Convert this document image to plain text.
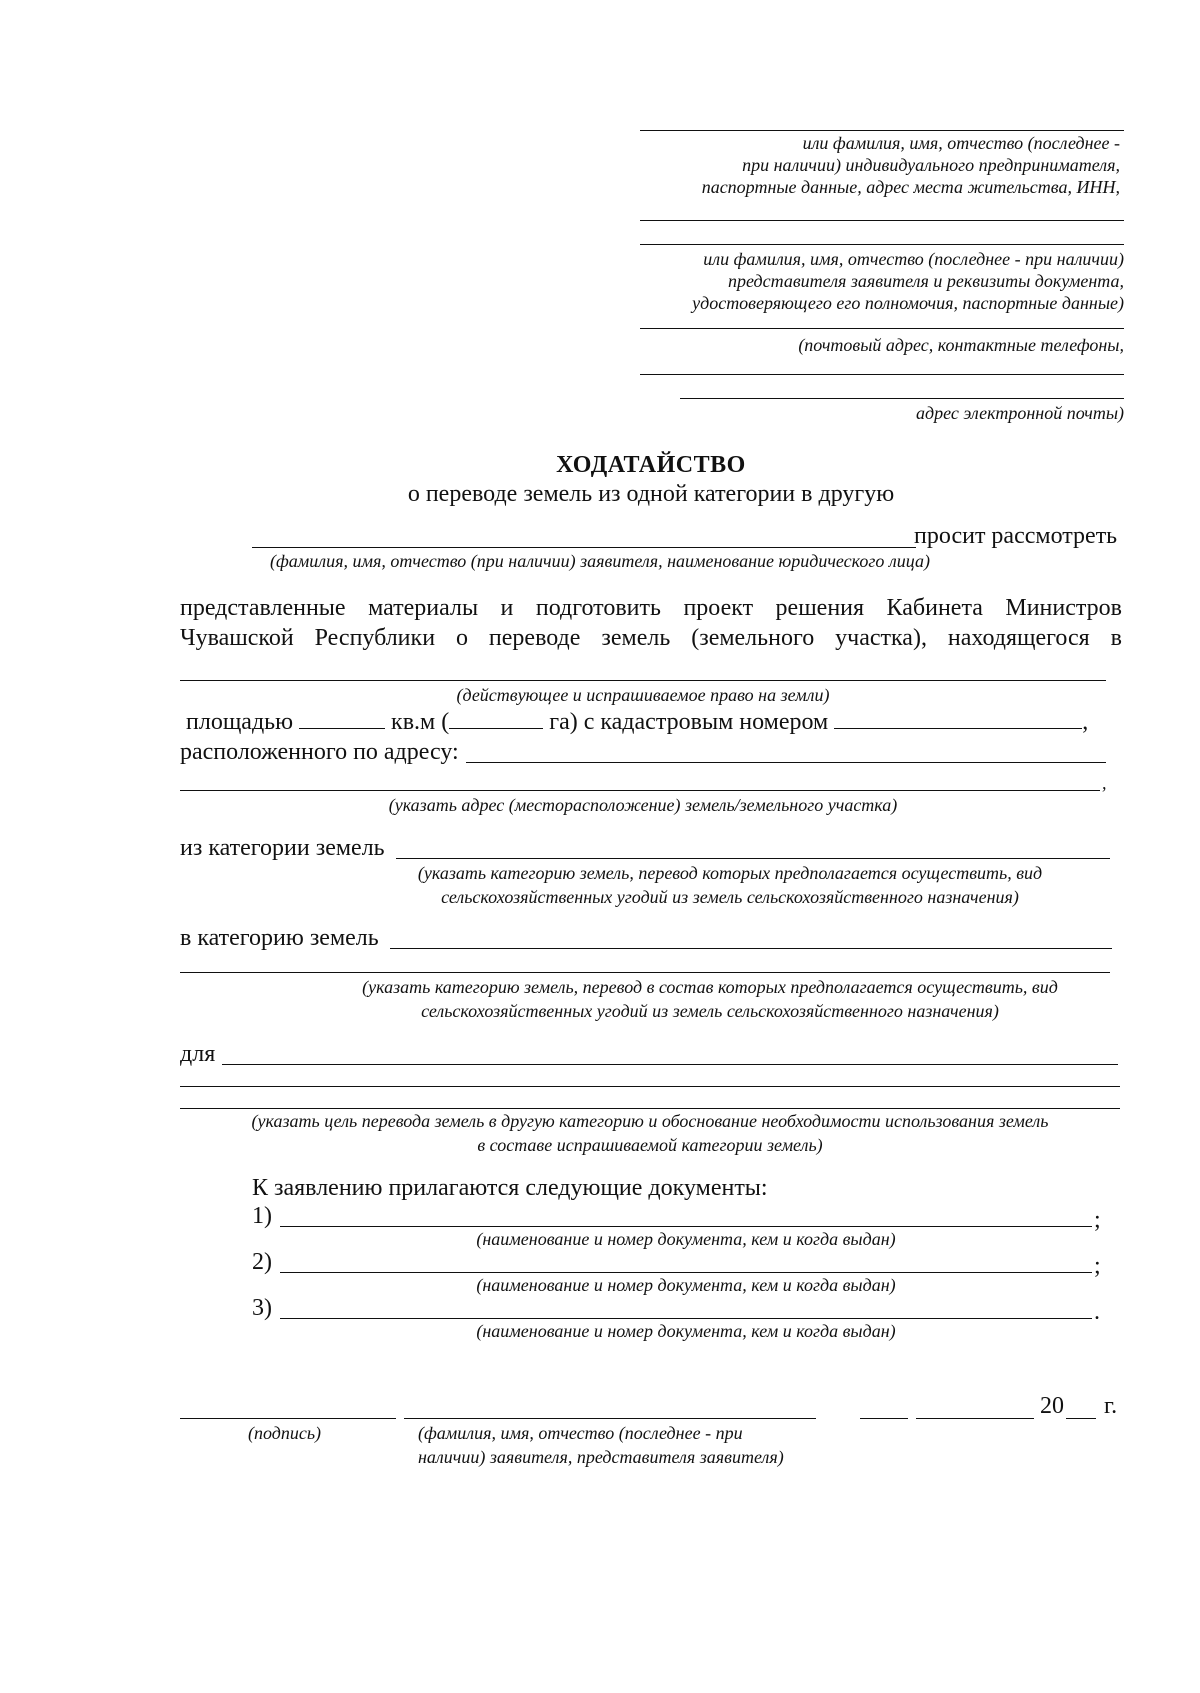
или фамилия, имя, отчество (последнее -
при наличии) индивидуального предпринимателя,
паспортные данные, адрес места жительства, ИНН,
или фамилия, имя, отчество (последнее - при наличии)
представителя заявителя и реквизиты документа,
удостоверяющего его полномочия, паспортные данные)
(почтовый адрес, контактные телефоны,
адрес электронной почты)
ХОДАТАЙСТВО
о переводе земель из одной категории в другую
просит рассмотреть
(фамилия, имя, отчество (при наличии) заявителя, наименование юридического лица)
представленные материалы и подготовить проект решения Кабинета Министров
Чувашской Республики о переводе земель (земельного участка), находящегося в
(действующее и испрашиваемое право на земли)
площадью	кв.м (	га) с кадастровым номером	,
расположенного по адресу:
,
(указать адрес (месторасположение) земель/земельного участка)
из категории земель
(указать категорию земель, перевод которых предполагается осуществить, вид
сельскохозяйственных угодий из земель сельскохозяйственного назначения)
в категорию земель
(указать категорию земель, перевод в состав которых предполагается осуществить, вид
сельскохозяйственных угодий из земель сельскохозяйственного назначения)
для
(указать цель перевода земель в другую категорию и обоснование необходимости использования земель
в составе испрашиваемой категории земель)
К заявлению прилагаются следующие документы:
1)	;
(наименование и номер документа, кем и когда выдан)
2)	;
(наименование и номер документа, кем и когда выдан)
3)	.
(наименование и номер документа, кем и когда выдан)
20 г.
(подпись)	(фамилия, имя, отчество (последнее - при
наличии) заявителя, представителя заявителя)
